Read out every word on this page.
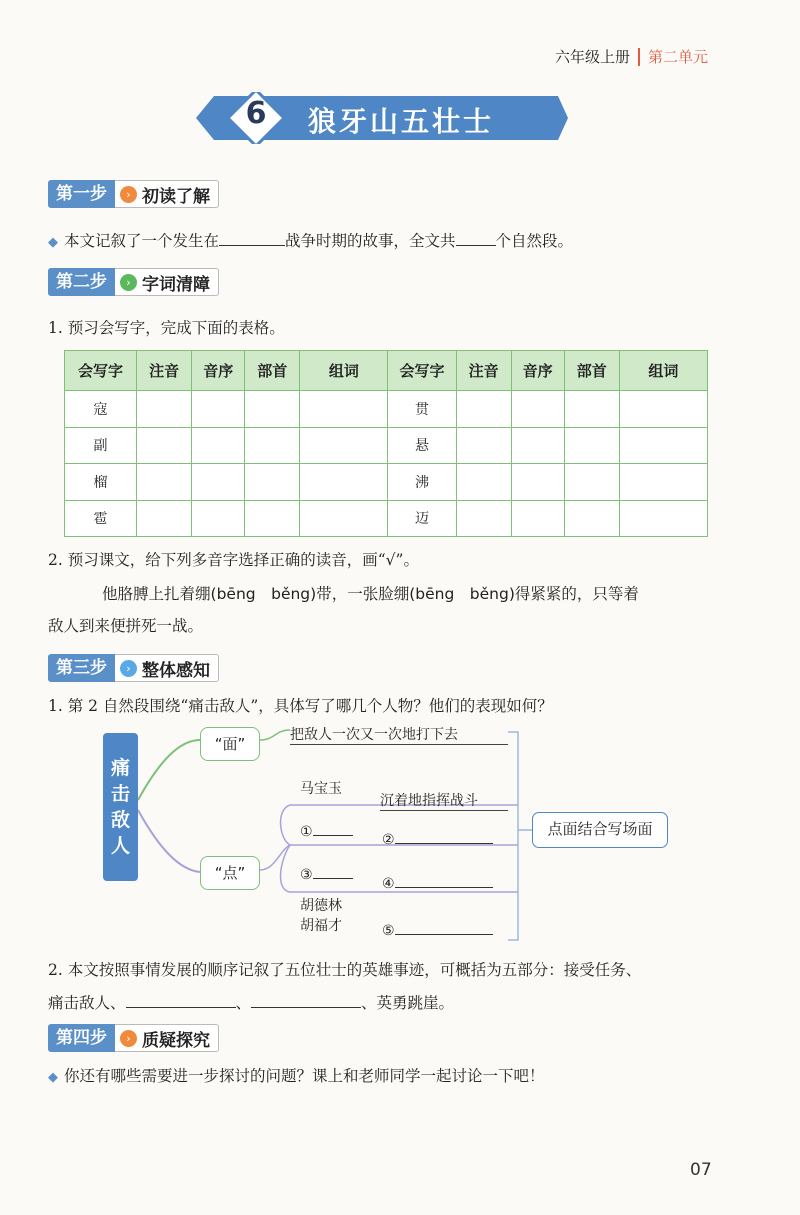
六年级上册 第二单元
6 狼牙山五壮士
第一步	› 初读了解
◆ 本文记叙了一个发生在	战争时期的故事，全文共	个自然段。
第二步	› 字词清障
1. 预习会写字，完成下面的表格。
会写字	注音	音序	部首	组词	会写字	注音	音序	部首	组词
寇					贯				
副					悬				
榴					沸				
雹					迈				
2. 预习课文，给下列多音字选择正确的读音，画“√”。
他胳膊上扎着绷(bēng　běng)带，一张脸绷(bēng　běng)得紧紧的，只等着
敌人到来便拼死一战。
第三步	› 整体感知
1. 第 2 自然段围绕“痛击敌人”，具体写了哪几个人物？他们的表现如何？
痛
击
敌
人
“面”
“点”
把敌人一次又一次地打下去
马宝玉
沉着地指挥战斗
①	②
③
④
胡德林
胡福才	⑤
点面结合写场面
2. 本文按照事情发展的顺序记叙了五位壮士的英雄事迹，可概括为五部分：接受任务、
痛击敌人、	、	、英勇跳崖。
第四步	› 质疑探究
◆ 你还有哪些需要进一步探讨的问题？课上和老师同学一起讨论一下吧！
07
